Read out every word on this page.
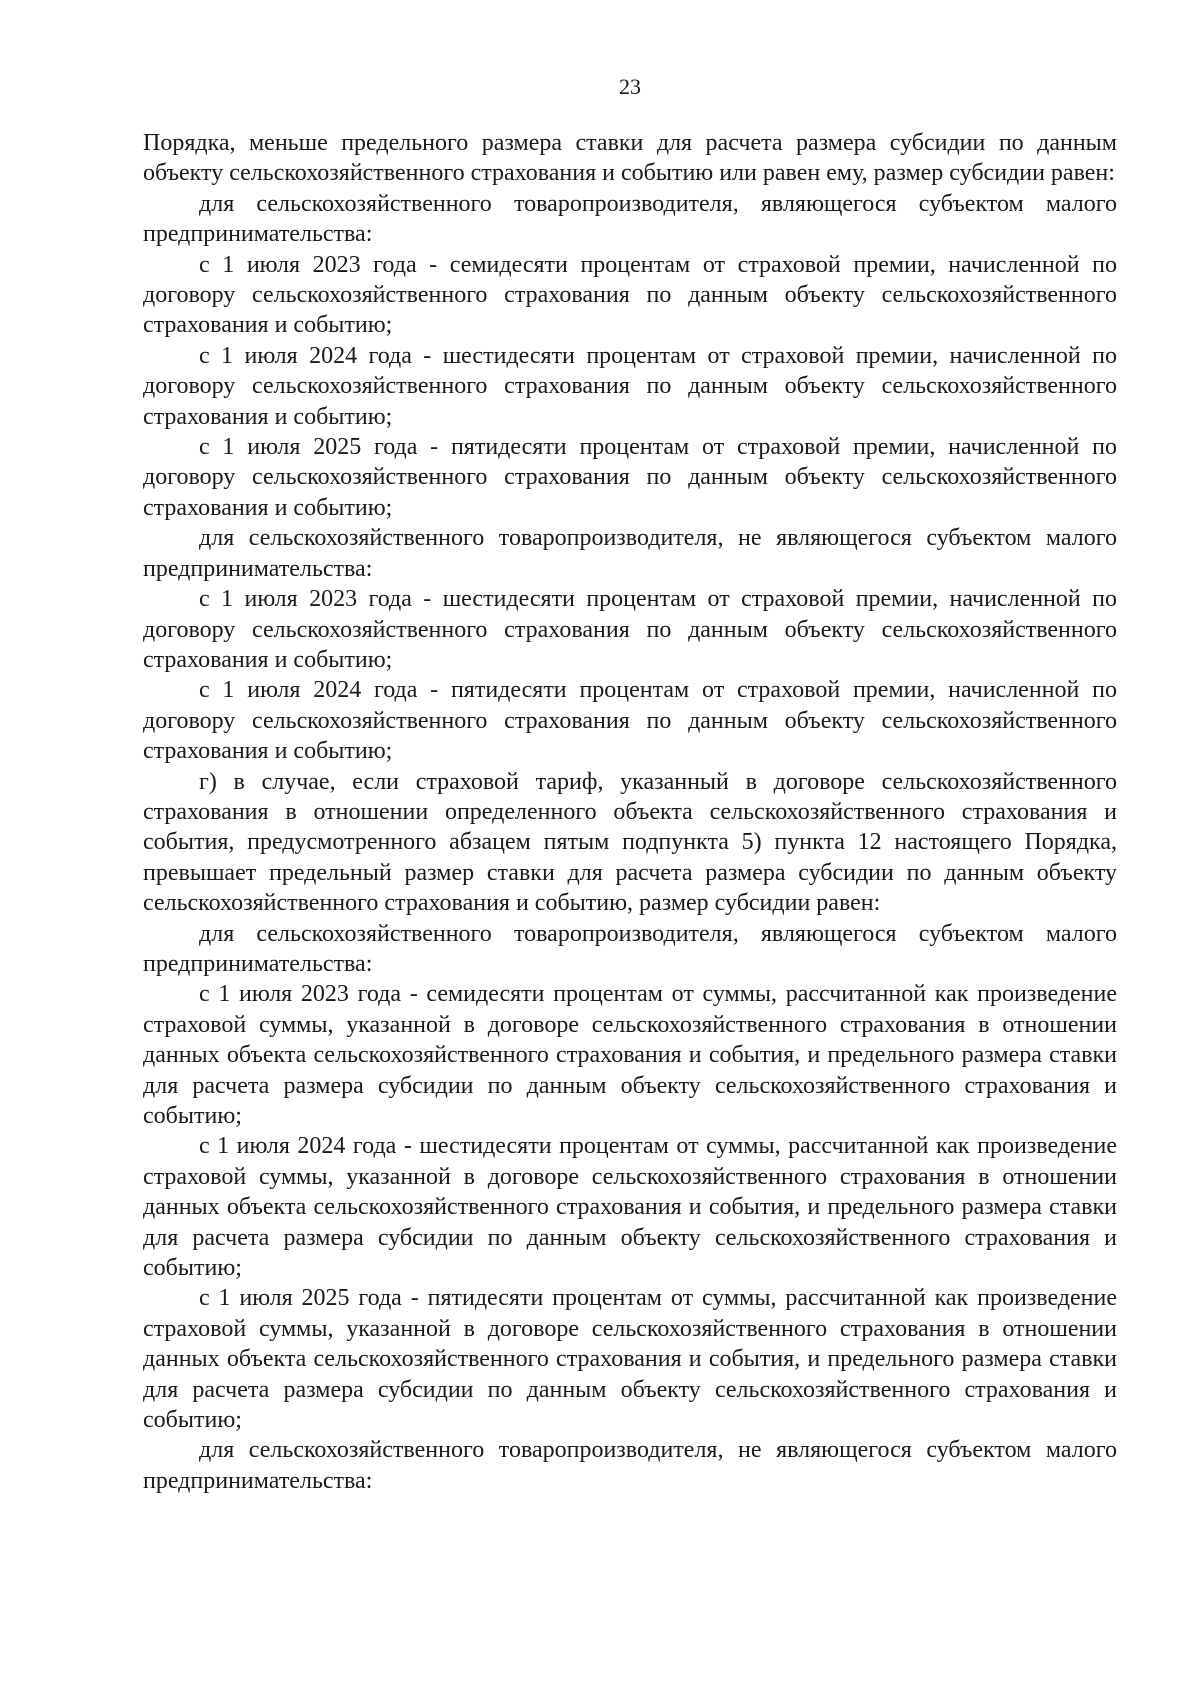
23

Порядка, меньше предельного размера ставки для расчета размера субсидии по данным объекту сельскохозяйственного страхования и событию или равен ему, размер субсидии равен:

для сельскохозяйственного товаропроизводителя, являющегося субъектом малого предпринимательства:

с 1 июля 2023 года - семидесяти процентам от страховой премии, начисленной по договору сельскохозяйственного страхования по данным объекту сельскохозяйственного страхования и событию;

с 1 июля 2024 года - шестидесяти процентам от страховой премии, начисленной по договору сельскохозяйственного страхования по данным объекту сельскохозяйственного страхования и событию;

с 1 июля 2025 года - пятидесяти процентам от страховой премии, начисленной по договору сельскохозяйственного страхования по данным объекту сельскохозяйственного страхования и событию;

для сельскохозяйственного товаропроизводителя, не являющегося субъектом малого предпринимательства:

с 1 июля 2023 года - шестидесяти процентам от страховой премии, начисленной по договору сельскохозяйственного страхования по данным объекту сельскохозяйственного страхования и событию;

с 1 июля 2024 года - пятидесяти процентам от страховой премии, начисленной по договору сельскохозяйственного страхования по данным объекту сельскохозяйственного страхования и событию;

г) в случае, если страховой тариф, указанный в договоре сельскохозяйственного страхования в отношении определенного объекта сельскохозяйственного страхования и события, предусмотренного абзацем пятым подпункта 5) пункта 12 настоящего Порядка, превышает предельный размер ставки для расчета размера субсидии по данным объекту сельскохозяйственного страхования и событию, размер субсидии равен:

для сельскохозяйственного товаропроизводителя, являющегося субъектом малого предпринимательства:

с 1 июля 2023 года - семидесяти процентам от суммы, рассчитанной как произведение страховой суммы, указанной в договоре сельскохозяйственного страхования в отношении данных объекта сельскохозяйственного страхования и события, и предельного размера ставки для расчета размера субсидии по данным объекту сельскохозяйственного страхования и событию;

с 1 июля 2024 года - шестидесяти процентам от суммы, рассчитанной как произведение страховой суммы, указанной в договоре сельскохозяйственного страхования в отношении данных объекта сельскохозяйственного страхования и события, и предельного размера ставки для расчета размера субсидии по данным объекту сельскохозяйственного страхования и событию;

с 1 июля 2025 года - пятидесяти процентам от суммы, рассчитанной как произведение страховой суммы, указанной в договоре сельскохозяйственного страхования в отношении данных объекта сельскохозяйственного страхования и события, и предельного размера ставки для расчета размера субсидии по данным объекту сельскохозяйственного страхования и событию;

для сельскохозяйственного товаропроизводителя, не являющегося субъектом малого предпринимательства:
